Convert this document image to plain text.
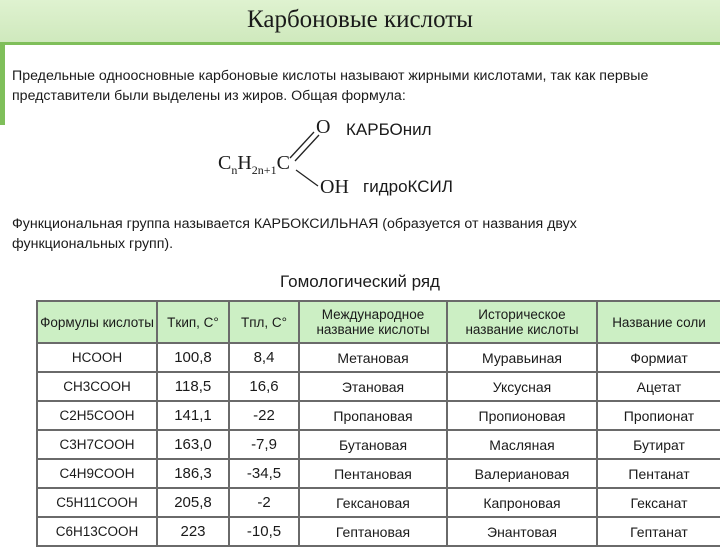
Карбоновые кислоты
Предельные одноосновные карбоновые кислоты называют жирными кислотами, так как первые
представители были выделены из жиров. Общая формула:
$C_nH_{2n+1}C$
O
OH
КАРБОнил
гидроКСИЛ
Функциональная группа называется КАРБОКСИЛЬНАЯ (образуется от названия двух
функциональных групп).
Гомологический ряд
Формулы кислоты	Tкип, C°	Tпл, C°	Международное название кислоты	Историческое название кислоты	Название соли
HCOOH	100,8	8,4	Метановая	Муравьиная	Формиат
CH3COOH	118,5	16,6	Этановая	Уксусная	Ацетат
C2H5COOH	141,1	-22	Пропановая	Пропионовая	Пропионат
C3H7COOH	163,0	-7,9	Бутановая	Масляная	Бутират
C4H9COOH	186,3	-34,5	Пентановая	Валериановая	Пентанат
C5H11COOH	205,8	-2	Гексановая	Капроновая	Гексанат
C6H13COOH	223	-10,5	Гептановая	Энантовая	Гептанат
